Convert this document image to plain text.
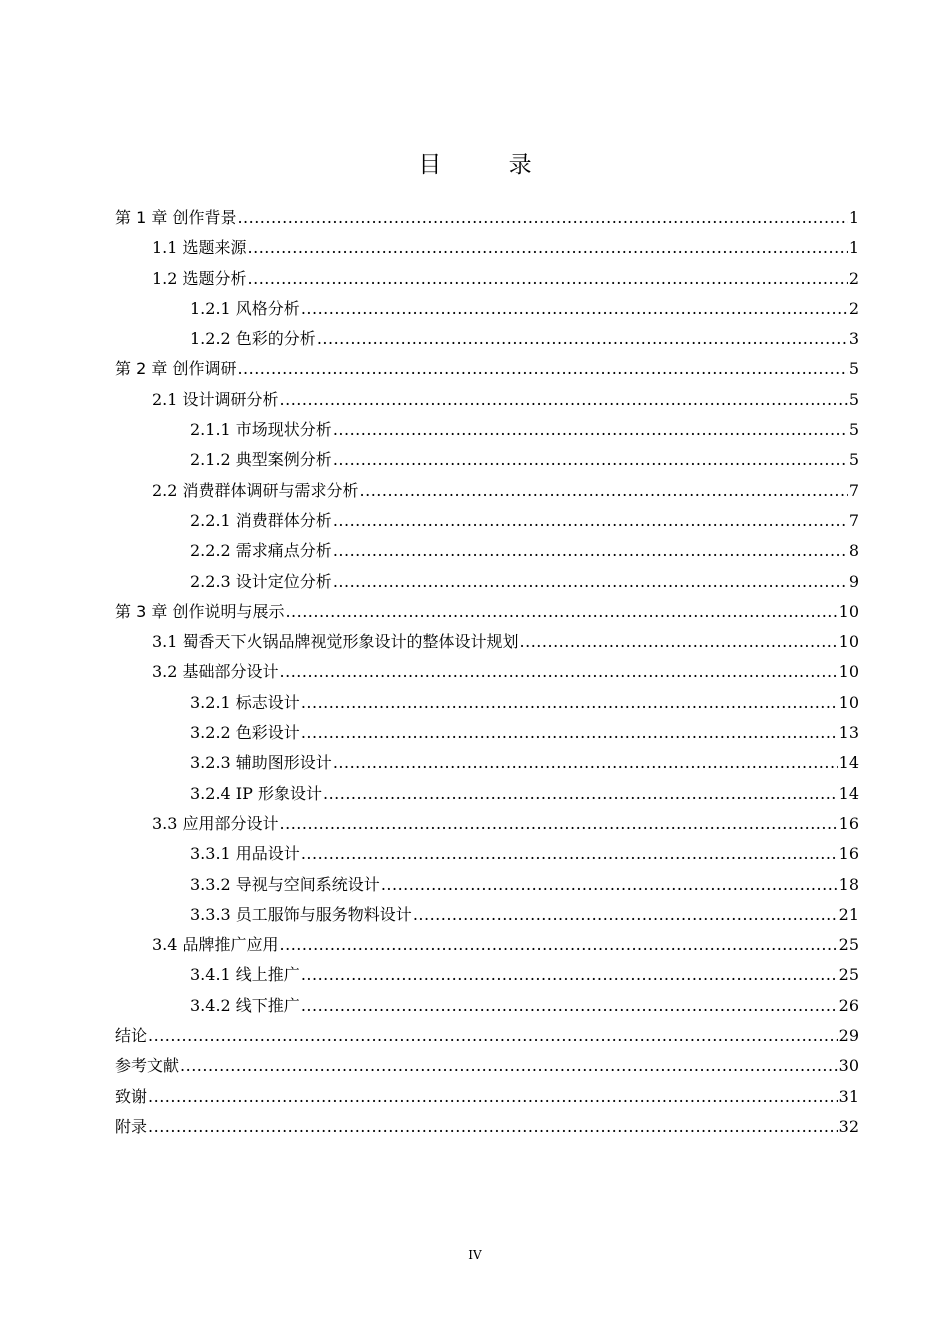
目 录
第 1 章 创作背景 .....	1
1.1 选题来源 .....	1
1.2 选题分析 .....	2
1.2.1 风格分析 .....	2
1.2.2 色彩的分析 .....	3
第 2 章 创作调研 .....	5
2.1 设计调研分析 .....	5
2.1.1 市场现状分析 .....	5
2.1.2 典型案例分析 .....	5
2.2 消费群体调研与需求分析 .....	7
2.2.1 消费群体分析 .....	7
2.2.2 需求痛点分析 .....	8
2.2.3 设计定位分析 .....	9
第 3 章 创作说明与展示 .....	10
3.1 蜀香天下火锅品牌视觉形象设计的整体设计规划 .....	10
3.2 基础部分设计 .....	10
3.2.1 标志设计 .....	10
3.2.2 色彩设计 .....	13
3.2.3 辅助图形设计 .....	14
3.2.4 IP 形象设计 .....	14
3.3 应用部分设计 .....	16
3.3.1 用品设计 .....	16
3.3.2 导视与空间系统设计 .....	18
3.3.3 员工服饰与服务物料设计 .....	21
3.4 品牌推广应用 .....	25
3.4.1 线上推广 .....	25
3.4.2 线下推广 .....	26
结论 .....	29
参考文献 .....	30
致谢 .....	31
附录 .....	32
IV
